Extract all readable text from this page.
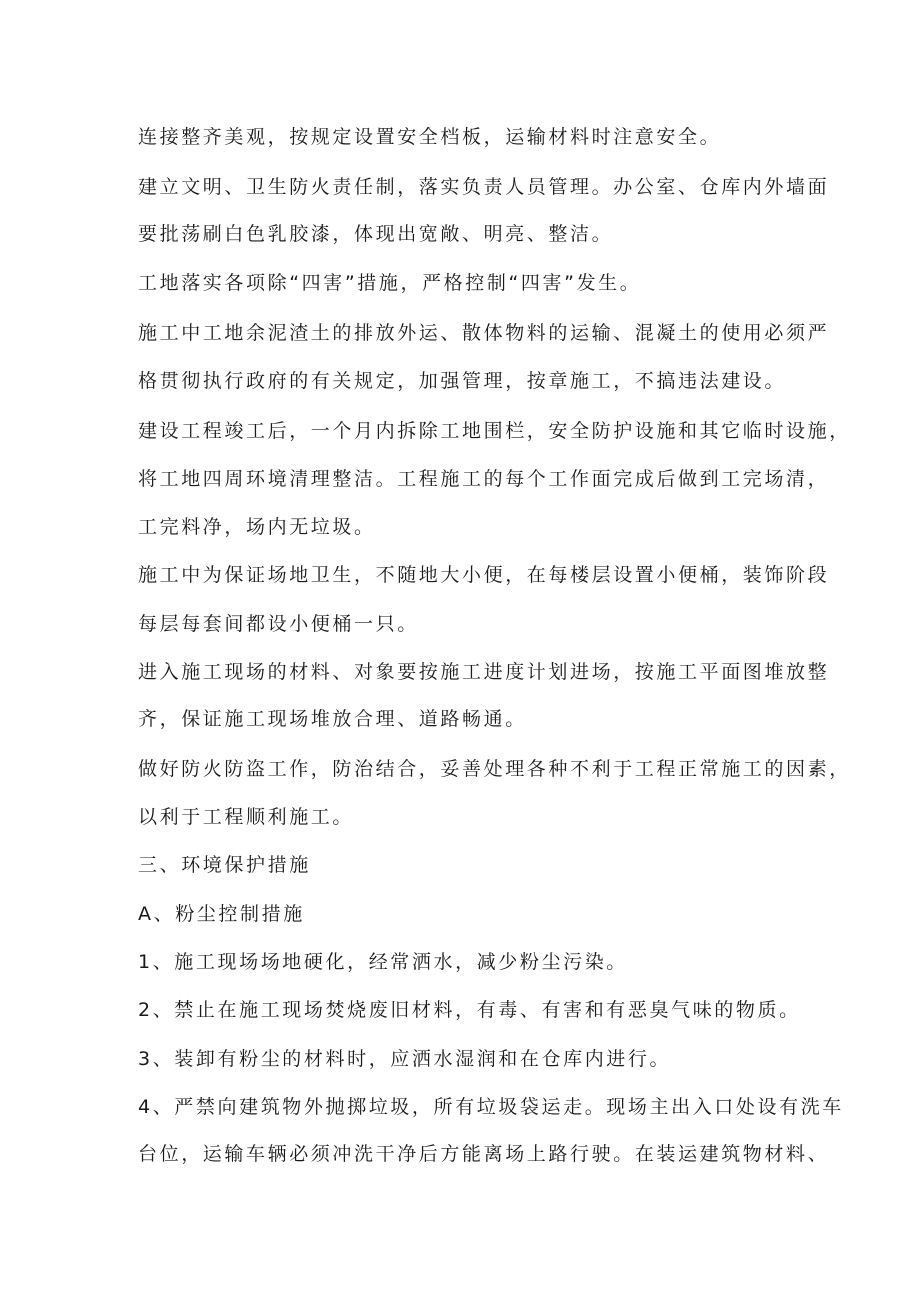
连接整齐美观，按规定设置安全档板，运输材料时注意安全。
建立文明、卫生防火责任制，落实负责人员管理。办公室、仓库内外墙面
要批荡刷白色乳胶漆，体现出宽敞、明亮、整洁。
工地落实各项除“四害”措施，严格控制“四害”发生。
施工中工地余泥渣土的排放外运、散体物料的运输、混凝土的使用必须严
格贯彻执行政府的有关规定，加强管理，按章施工，不搞违法建设。
建设工程竣工后，一个月内拆除工地围栏，安全防护设施和其它临时设施，
将工地四周环境清理整洁。工程施工的每个工作面完成后做到工完场清，
工完料净，场内无垃圾。
施工中为保证场地卫生，不随地大小便，在每楼层设置小便桶，装饰阶段
每层每套间都设小便桶一只。
进入施工现场的材料、对象要按施工进度计划进场，按施工平面图堆放整
齐，保证施工现场堆放合理、道路畅通。
做好防火防盗工作，防治结合，妥善处理各种不利于工程正常施工的因素，
以利于工程顺利施工。
三、环境保护措施
A、粉尘控制措施
1、施工现场场地硬化，经常洒水，减少粉尘污染。
2、禁止在施工现场焚烧废旧材料，有毒、有害和有恶臭气味的物质。
3、装卸有粉尘的材料时，应洒水湿润和在仓库内进行。
4、严禁向建筑物外抛掷垃圾，所有垃圾袋运走。现场主出入口处设有洗车
台位，运输车辆必须冲洗干净后方能离场上路行驶。在装运建筑物材料、
